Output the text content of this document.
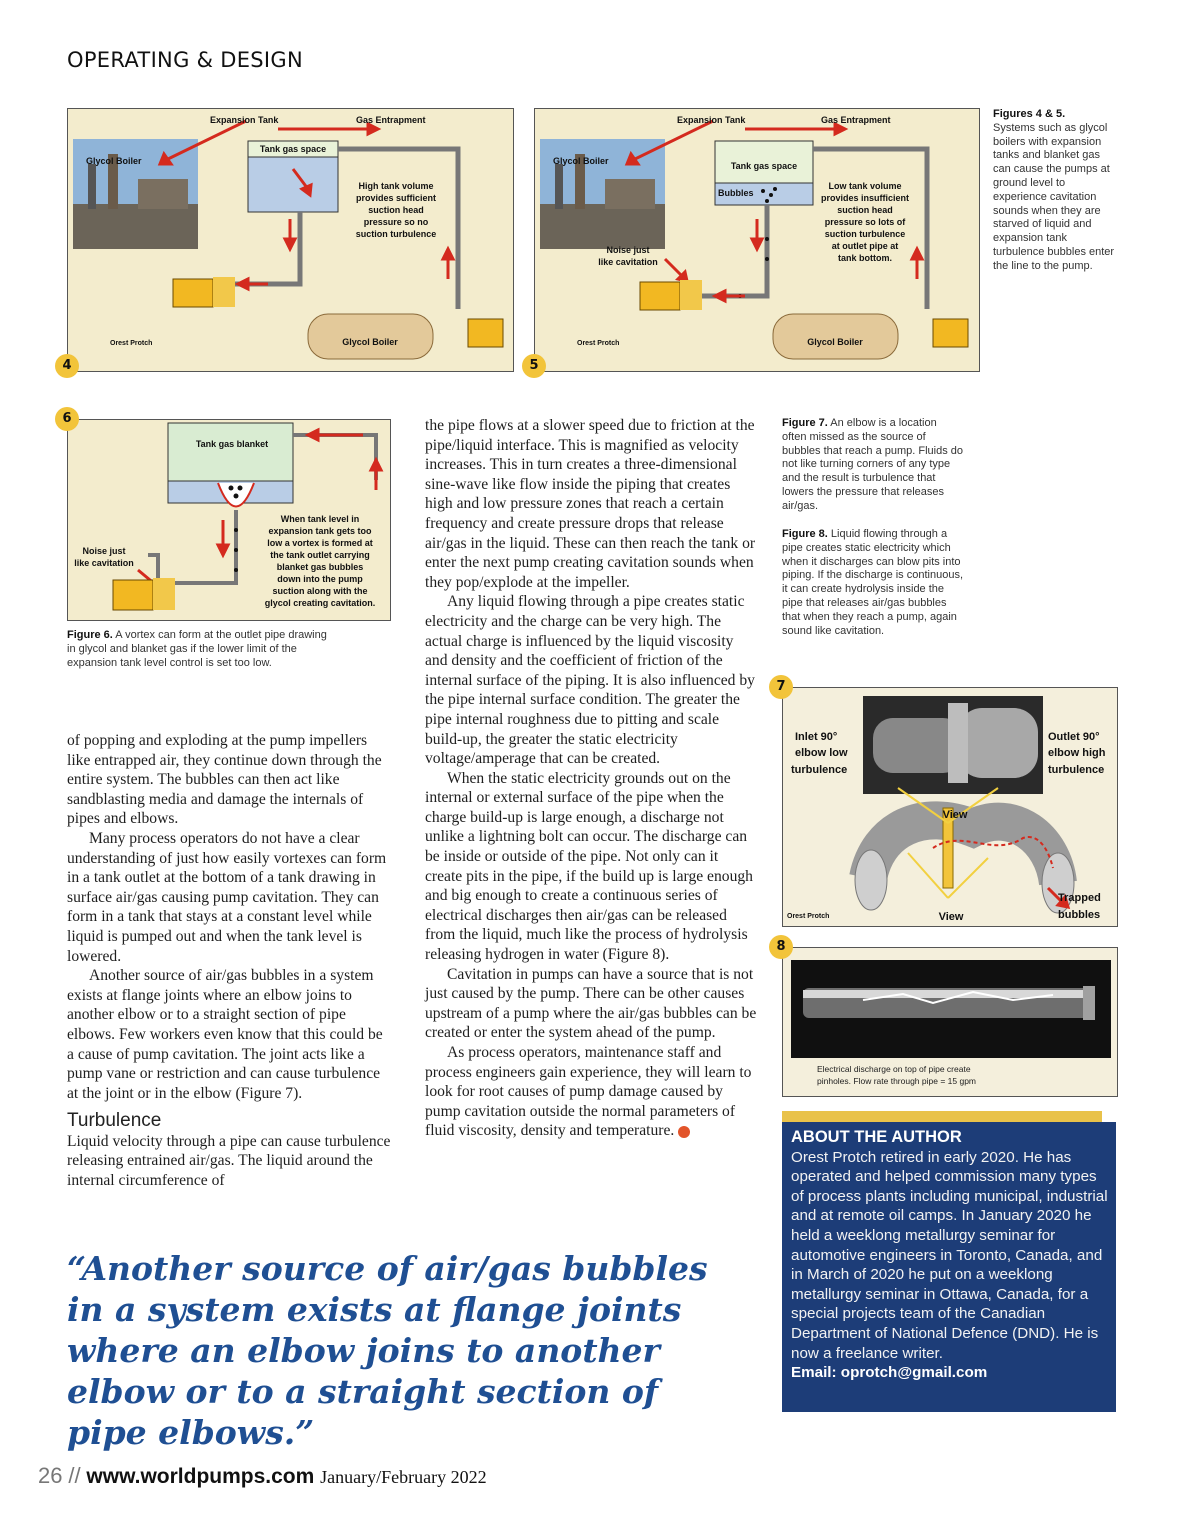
OPERATING & DESIGN
Expansion Tank	Gas Entrapment
Glycol Boiler
Tank gas space
High tank volume
provides sufficient
suction head
pressure so no
suction turbulence
Orest Protch	Glycol Boiler
4
Expansion Tank	Gas Entrapment
Glycol Boiler	Tank gas space
Bubbles
Noise just
like cavitation
Low tank volume
provides insufficient
suction head
pressure so lots of
suction turbulence
at outlet pipe at
tank bottom.
Orest Protch	Glycol Boiler
5
Figures 4 & 5.
Systems such as glycol boilers with expansion tanks and blanket gas can cause the pumps at ground level to experience cavitation sounds when they are starved of liquid and expansion tank turbulence bubbles enter the line to the pump.
6
Tank gas blanket
Noise just
like cavitation
When tank level in
expansion tank gets too
low a vortex is formed at
the tank outlet carrying
blanket gas bubbles
down into the pump
suction along with the
glycol creating cavitation.
Figure 6. A vortex can form at the outlet pipe drawing in glycol and blanket gas if the lower limit of the expansion tank level control is set too low.

of popping and exploding at the pump impellers like entrapped air, they continue down through the entire system. The bubbles can then act like sandblasting media and damage the internals of pipes and elbows.

Many process operators do not have a clear understanding of just how easily vortexes can form in a tank outlet at the bottom of a tank drawing in surface air/gas causing pump cavitation. They can form in a tank that stays at a constant level while liquid is pumped out and when the tank level is lowered.

Another source of air/gas bubbles in a system exists at flange joints where an elbow joins to another elbow or to a straight section of pipe elbows. Few workers even know that this could be a cause of pump cavitation. The joint acts like a pump vane or restriction and can cause turbulence at the joint or in the elbow (Figure 7).

Turbulence

Liquid velocity through a pipe can cause turbulence releasing entrained air/gas. The liquid around the internal circumference of

the pipe flows at a slower speed due to friction at the pipe/liquid interface. This is magnified as velocity increases. This in turn creates a three-dimensional sine-wave like flow inside the piping that creates high and low pressure zones that reach a certain frequency and create pressure drops that release air/gas in the liquid. These can then reach the tank or enter the next pump creating cavitation sounds when they pop/explode at the impeller.

Any liquid flowing through a pipe creates static electricity and the charge can be very high. The actual charge is influenced by the liquid viscosity and density and the coefficient of friction of the internal surface of the piping. It is also influenced by the pipe internal surface condition. The greater the pipe internal roughness due to pitting and scale build-up, the greater the static electricity voltage/amperage that can be created.

When the static electricity grounds out on the internal or external surface of the pipe when the charge build-up is large enough, a discharge not unlike a lightning bolt can occur. The discharge can be inside or outside of the pipe. Not only can it create pits in the pipe, if the build up is large enough and big enough to create a continuous series of electrical discharges then air/gas can be released from the liquid, much like the process of hydrolysis releasing hydrogen in water (Figure 8).

Cavitation in pumps can have a source that is not just caused by the pump. There can be other causes upstream of a pump where the air/gas bubbles can be created or enter the system ahead of the pump.

As process operators, maintenance staff and process engineers gain experience, they will learn to look for root causes of pump damage caused by pump cavitation outside the normal parameters of fluid viscosity, density and temperature.

Figure 7. An elbow is a location often missed as the source of bubbles that reach a pump. Fluids do not like turning corners of any type and the result is turbulence that lowers the pressure that releases air/gas.
Figure 8. Liquid flowing through a pipe creates static electricity which when it discharges can blow pits into piping. If the discharge is continuous, it can create hydrolysis inside the pipe that releases air/gas bubbles that when they reach a pump, again sound like cavitation.
7
Inlet 90°
elbow low
turbulence
Outlet 90°
elbow high
turbulence
View
View
Trapped
bubbles
Orest Protch
8
Electrical discharge on top of pipe create
pinholes. Flow rate through pipe = 15 gpm
“Another source of air/gas bubbles in a system exists at flange joints where an elbow joins to another elbow or to a straight section of pipe elbows.”
ABOUT THE AUTHOR
Orest Protch retired in early 2020. He has operated and helped commission many types of process plants including municipal, industrial and at remote oil camps. In January 2020 he held a weeklong metallurgy seminar for automotive engineers in Toronto, Canada, and in March of 2020 he put on a weeklong metallurgy seminar in Ottawa, Canada, for a special projects team of the Canadian Department of National Defence (DND). He is now a freelance writer.
Email: oprotch@gmail.com
26 // www.worldpumps.com January/February 2022
